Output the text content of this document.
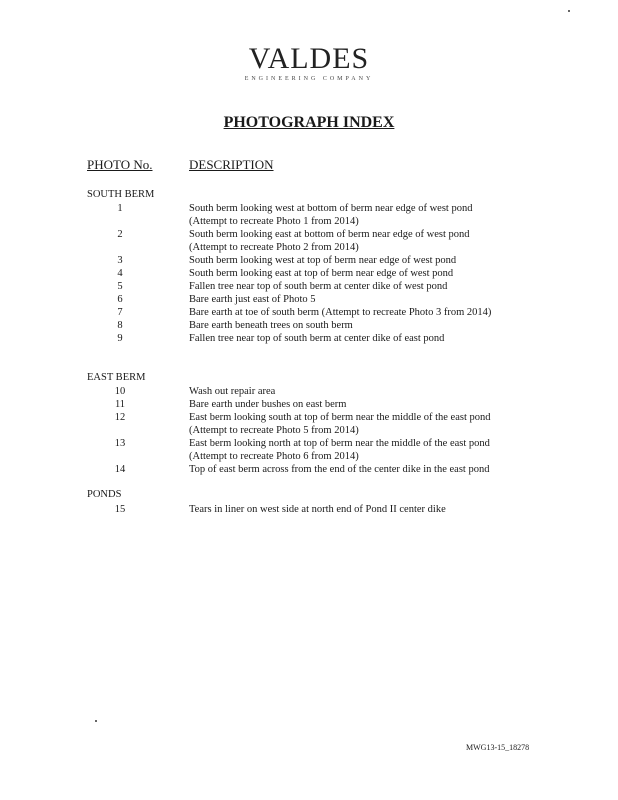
VALDES
ENGINEERING COMPANY
PHOTOGRAPH INDEX
PHOTO No.	DESCRIPTION
SOUTH BERM
1	South berm looking west at bottom of berm near edge of west pond
(Attempt to recreate Photo 1 from 2014)
2	South berm looking east at bottom of berm near edge of west pond
(Attempt to recreate Photo 2 from 2014)
3	South berm looking west at top of berm near edge of west pond
4	South berm looking east at top of berm near edge of west pond
5	Fallen tree near top of south berm at center dike of west pond
6	Bare earth just east of Photo 5
7	Bare earth at toe of south berm (Attempt to recreate Photo 3 from 2014)
8	Bare earth beneath trees on south berm
9	Fallen tree near top of south berm at center dike of east pond
EAST BERM
10	Wash out repair area
11	Bare earth under bushes on east berm
12	East berm looking south at top of berm near the middle of the east pond
(Attempt to recreate Photo 5 from 2014)
13	East berm looking north at top of berm near the middle of the east pond
(Attempt to recreate Photo 6 from 2014)
14	Top of east berm across from the end of the center dike in the east pond
PONDS
15	Tears in liner on west side at north end of Pond II center dike
MWG13-15_18278
